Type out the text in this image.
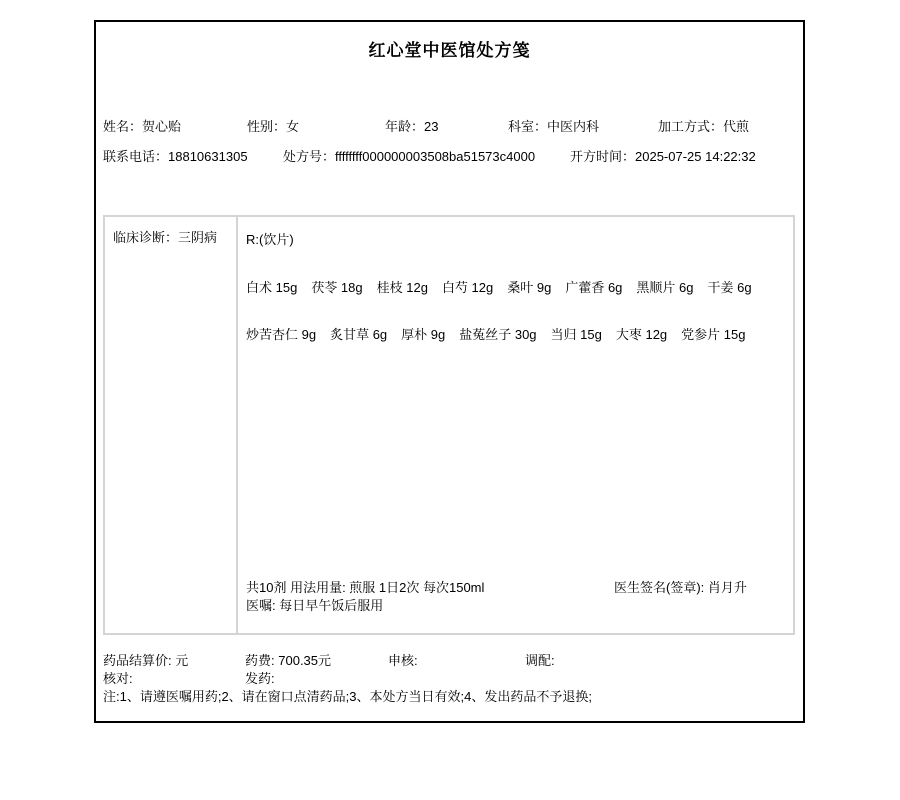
红心堂中医馆处方笺
姓名：贺心贻	性别：女	年龄：23	科室：中医内科	加工方式：代煎
联系电话：18810631305	处方号：ffffffff000000003508ba51573c4000	开方时间：2025-07-25 14:22:32
临床诊断：三阴病	R:(饮片)
白术 15g 茯苓 18g 桂枝 12g 白芍 12g 桑叶 9g 广藿香 6g 黑顺片 6g 干姜 6g
炒苦杏仁 9g 炙甘草 6g 厚朴 9g 盐菟丝子 30g 当归 15g 大枣 12g 党参片 15g
共10剂 用法用量: 煎服 1日2次 每次150ml
医嘱: 每日早午饭后服用
医生签名(签章): 肖月升
药品结算价: 元	药费: 700.35元	申核:	调配:
核对:	发药:
注:1、请遵医嘱用药;2、请在窗口点清药品;3、本处方当日有效;4、发出药品不予退换;
